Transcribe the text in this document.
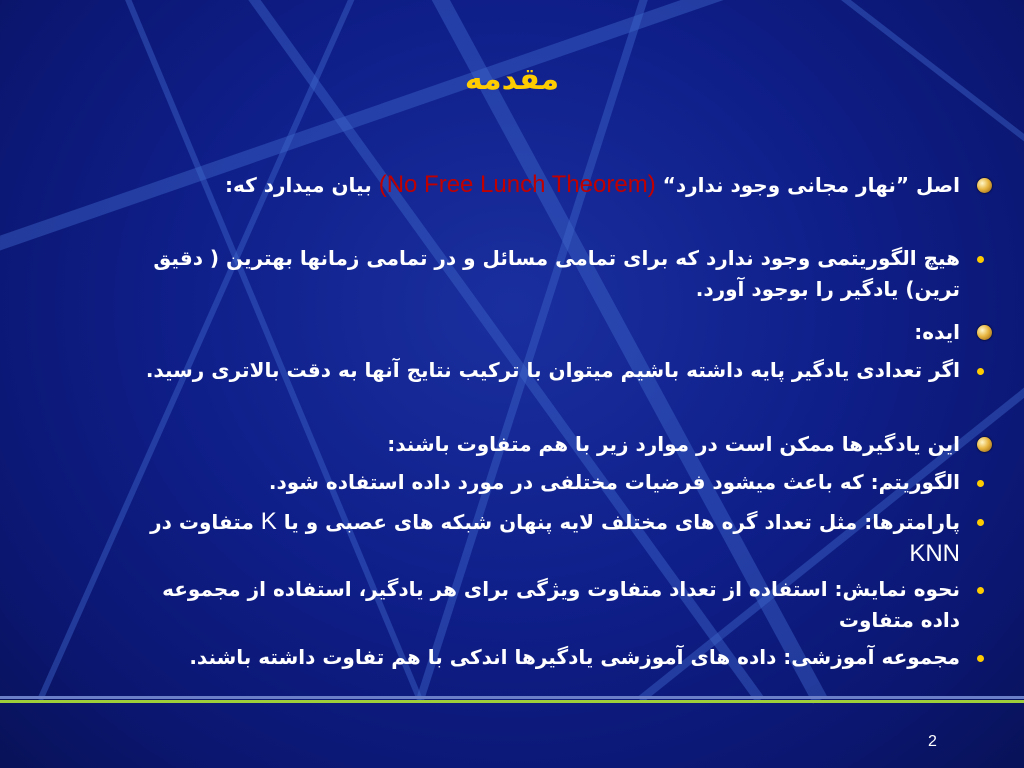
مقدمه
اصل ”نهار مجانی وجود ندارد“ (No Free Lunch Theorem) بیان میدارد که:
هیچ الگوریتمی وجود ندارد که برای تمامی مسائل و در تمامی زمانها بهترین ( دقیق ترین) یادگیر را بوجود آورد.
ایده:
اگر تعدادی یادگیر پایه داشته باشیم میتوان با ترکیب نتایج آنها به دقت بالاتری رسید.
این یادگیرها ممکن است در موارد زیر با هم متفاوت باشند:
الگوریتم: که باعث میشود فرضیات مختلفی در مورد داده استفاده شود.
پارامترها: مثل تعداد گره های مختلف لایه پنهان شبکه های عصبی و یا K متفاوت در KNN
نحوه نمایش: استفاده از تعداد متفاوت ویژگی برای هر یادگیر، استفاده از مجموعه داده متفاوت
مجموعه آموزشی: داده های آموزشی یادگیرها اندکی با هم تفاوت داشته باشند.
2
